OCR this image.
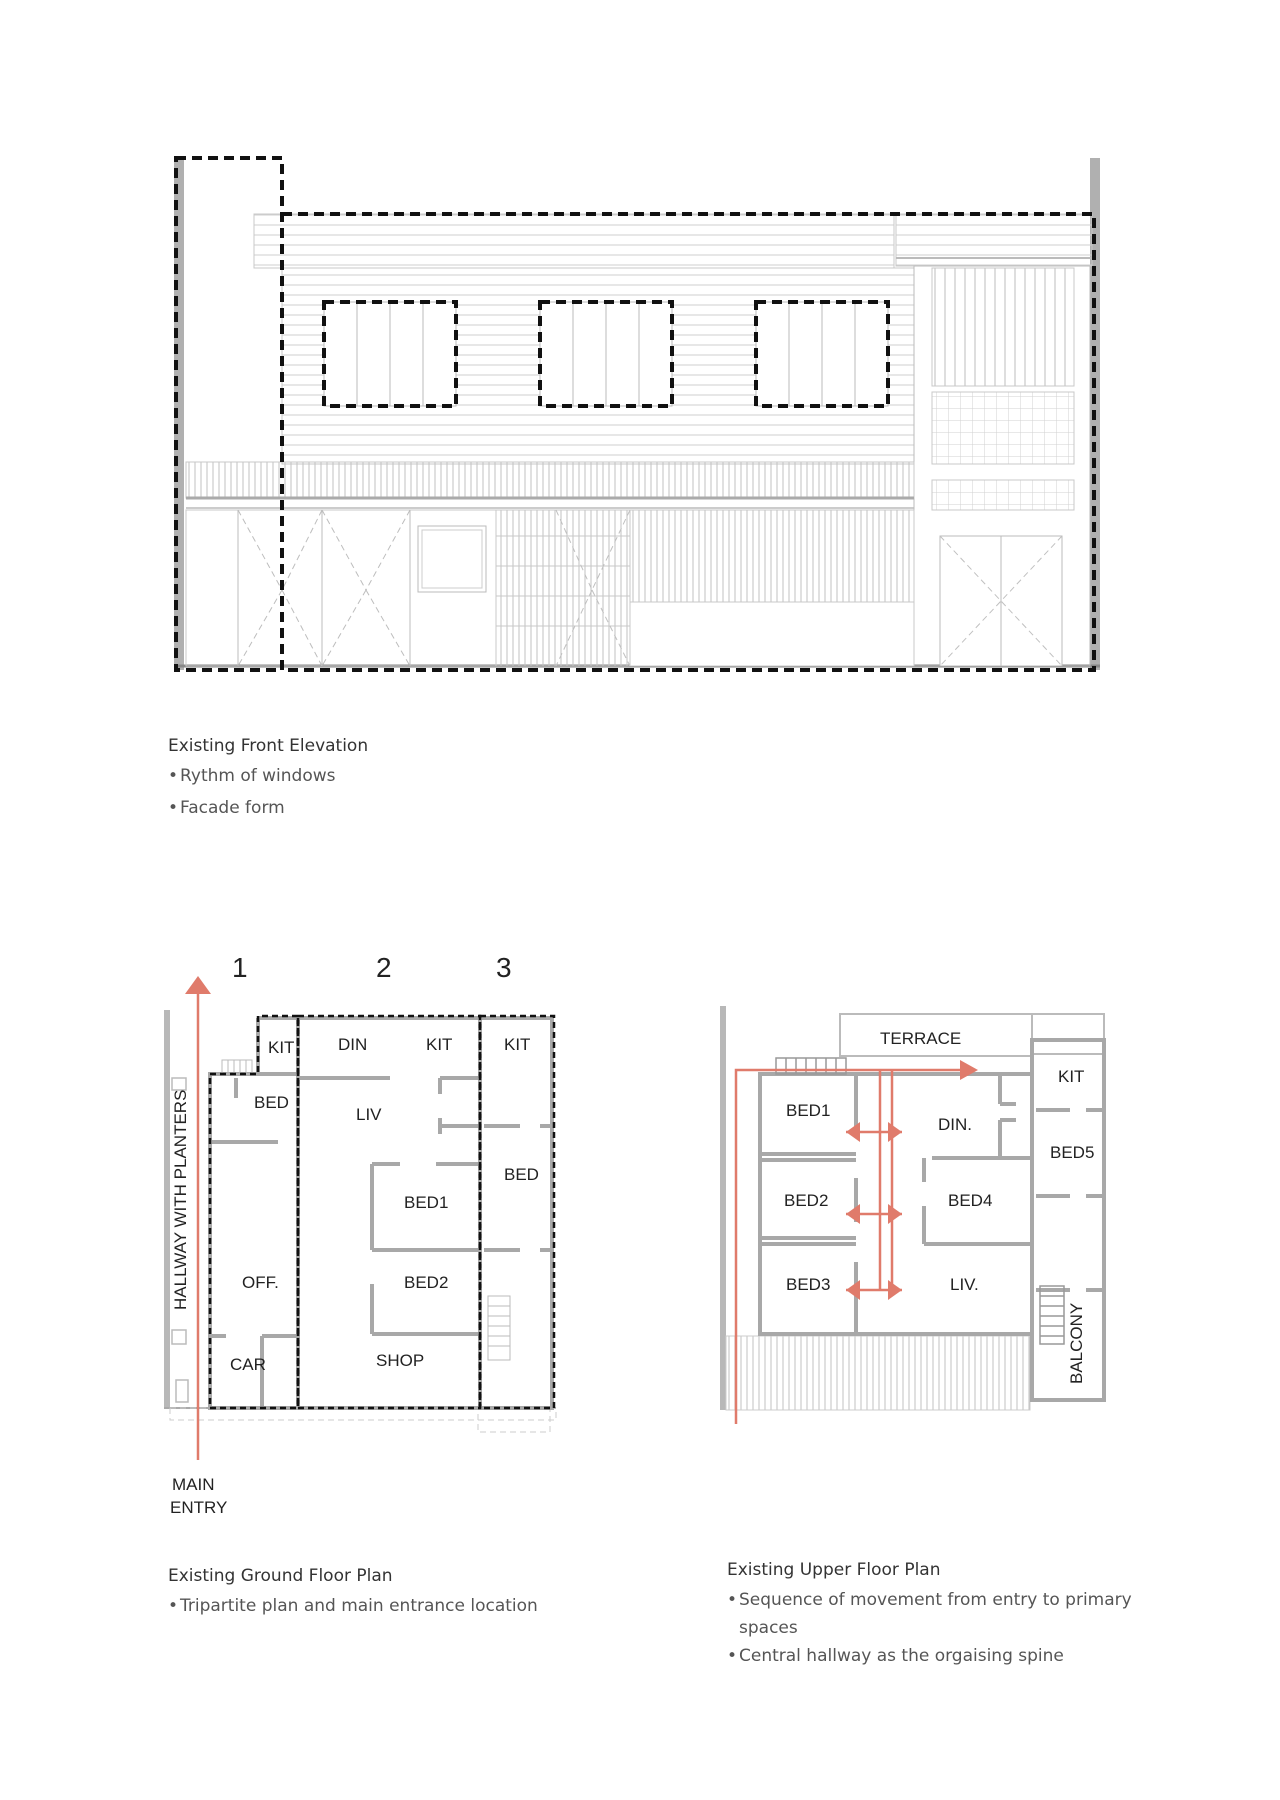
1	2	3
KIT	DIN	KIT	KIT
BED
LIV
BED
BED1
OFF.	BED2
CAR	SHOP
HALLWAY WITH PLANTERS
MAIN
ENTRY
TERRACE
KIT
BED1
DIN.
BED5
BED2	BED4
BED3	LIV.
BALCONY

Existing Front Elevation

• Rythm of windows

• Facade form

Existing Ground Floor Plan

• Tripartite plan and main entrance location

Existing Upper Floor Plan

• Sequence of movement from entry to primary
spaces

• Central hallway as the orgaising spine
